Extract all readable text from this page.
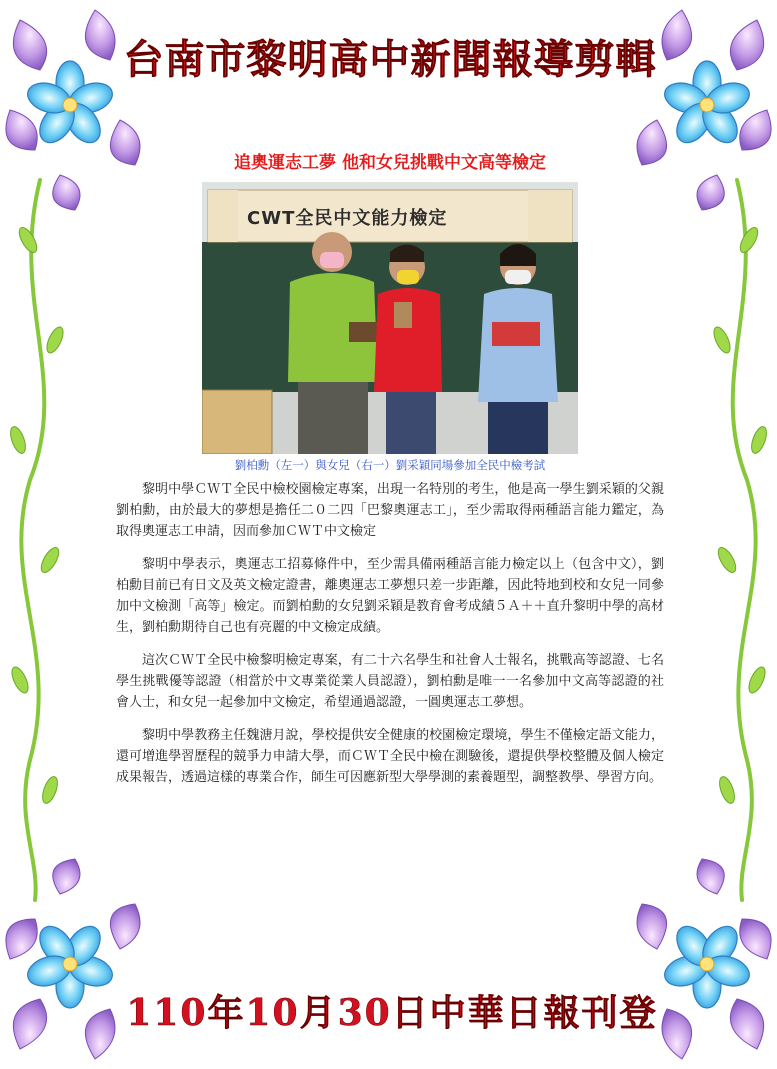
台南市黎明高中新聞報導剪輯
追奧運志工夢 他和女兒挑戰中文高等檢定
CWT全民中文能力檢定
劉柏勳（左一）與女兒（右一）劉采穎同場參加全民中檢考試

黎明中學ＣＷＴ全民中檢校園檢定專案，出現一名特別的考生，他是高一學生劉采穎的父親劉柏勳，由於最大的夢想是擔任二０二四「巴黎奧運志工」，至少需取得兩種語言能力鑑定，為取得奧運志工申請，因而參加ＣＷＴ中文檢定

黎明中學表示，奧運志工招募條件中，至少需具備兩種語言能力檢定以上（包含中文），劉柏勳目前已有日文及英文檢定證書，離奧運志工夢想只差一步距離，因此特地到校和女兒一同參加中文檢測「高等」檢定。而劉柏勳的女兒劉采穎是教育會考成績５Ａ＋＋直升黎明中學的高材生，劉柏勳期待自己也有亮麗的中文檢定成績。

這次ＣＷＴ全民中檢黎明檢定專案，有二十六名學生和社會人士報名，挑戰高等認證、七名學生挑戰優等認證（相當於中文專業從業人員認證），劉柏勳是唯一一名參加中文高等認證的社會人士，和女兒一起參加中文檢定，希望通過認證，一圓奧運志工夢想。

黎明中學教務主任魏溏月說，學校提供安全健康的校園檢定環境，學生不僅檢定語文能力，還可增進學習歷程的競爭力申請大學，而ＣＷＴ全民中檢在測驗後，還提供學校整體及個人檢定成果報告，透過這樣的專業合作，師生可因應新型大學學測的素養題型，調整教學、學習方向。

110年10月30日中華日報刊登
